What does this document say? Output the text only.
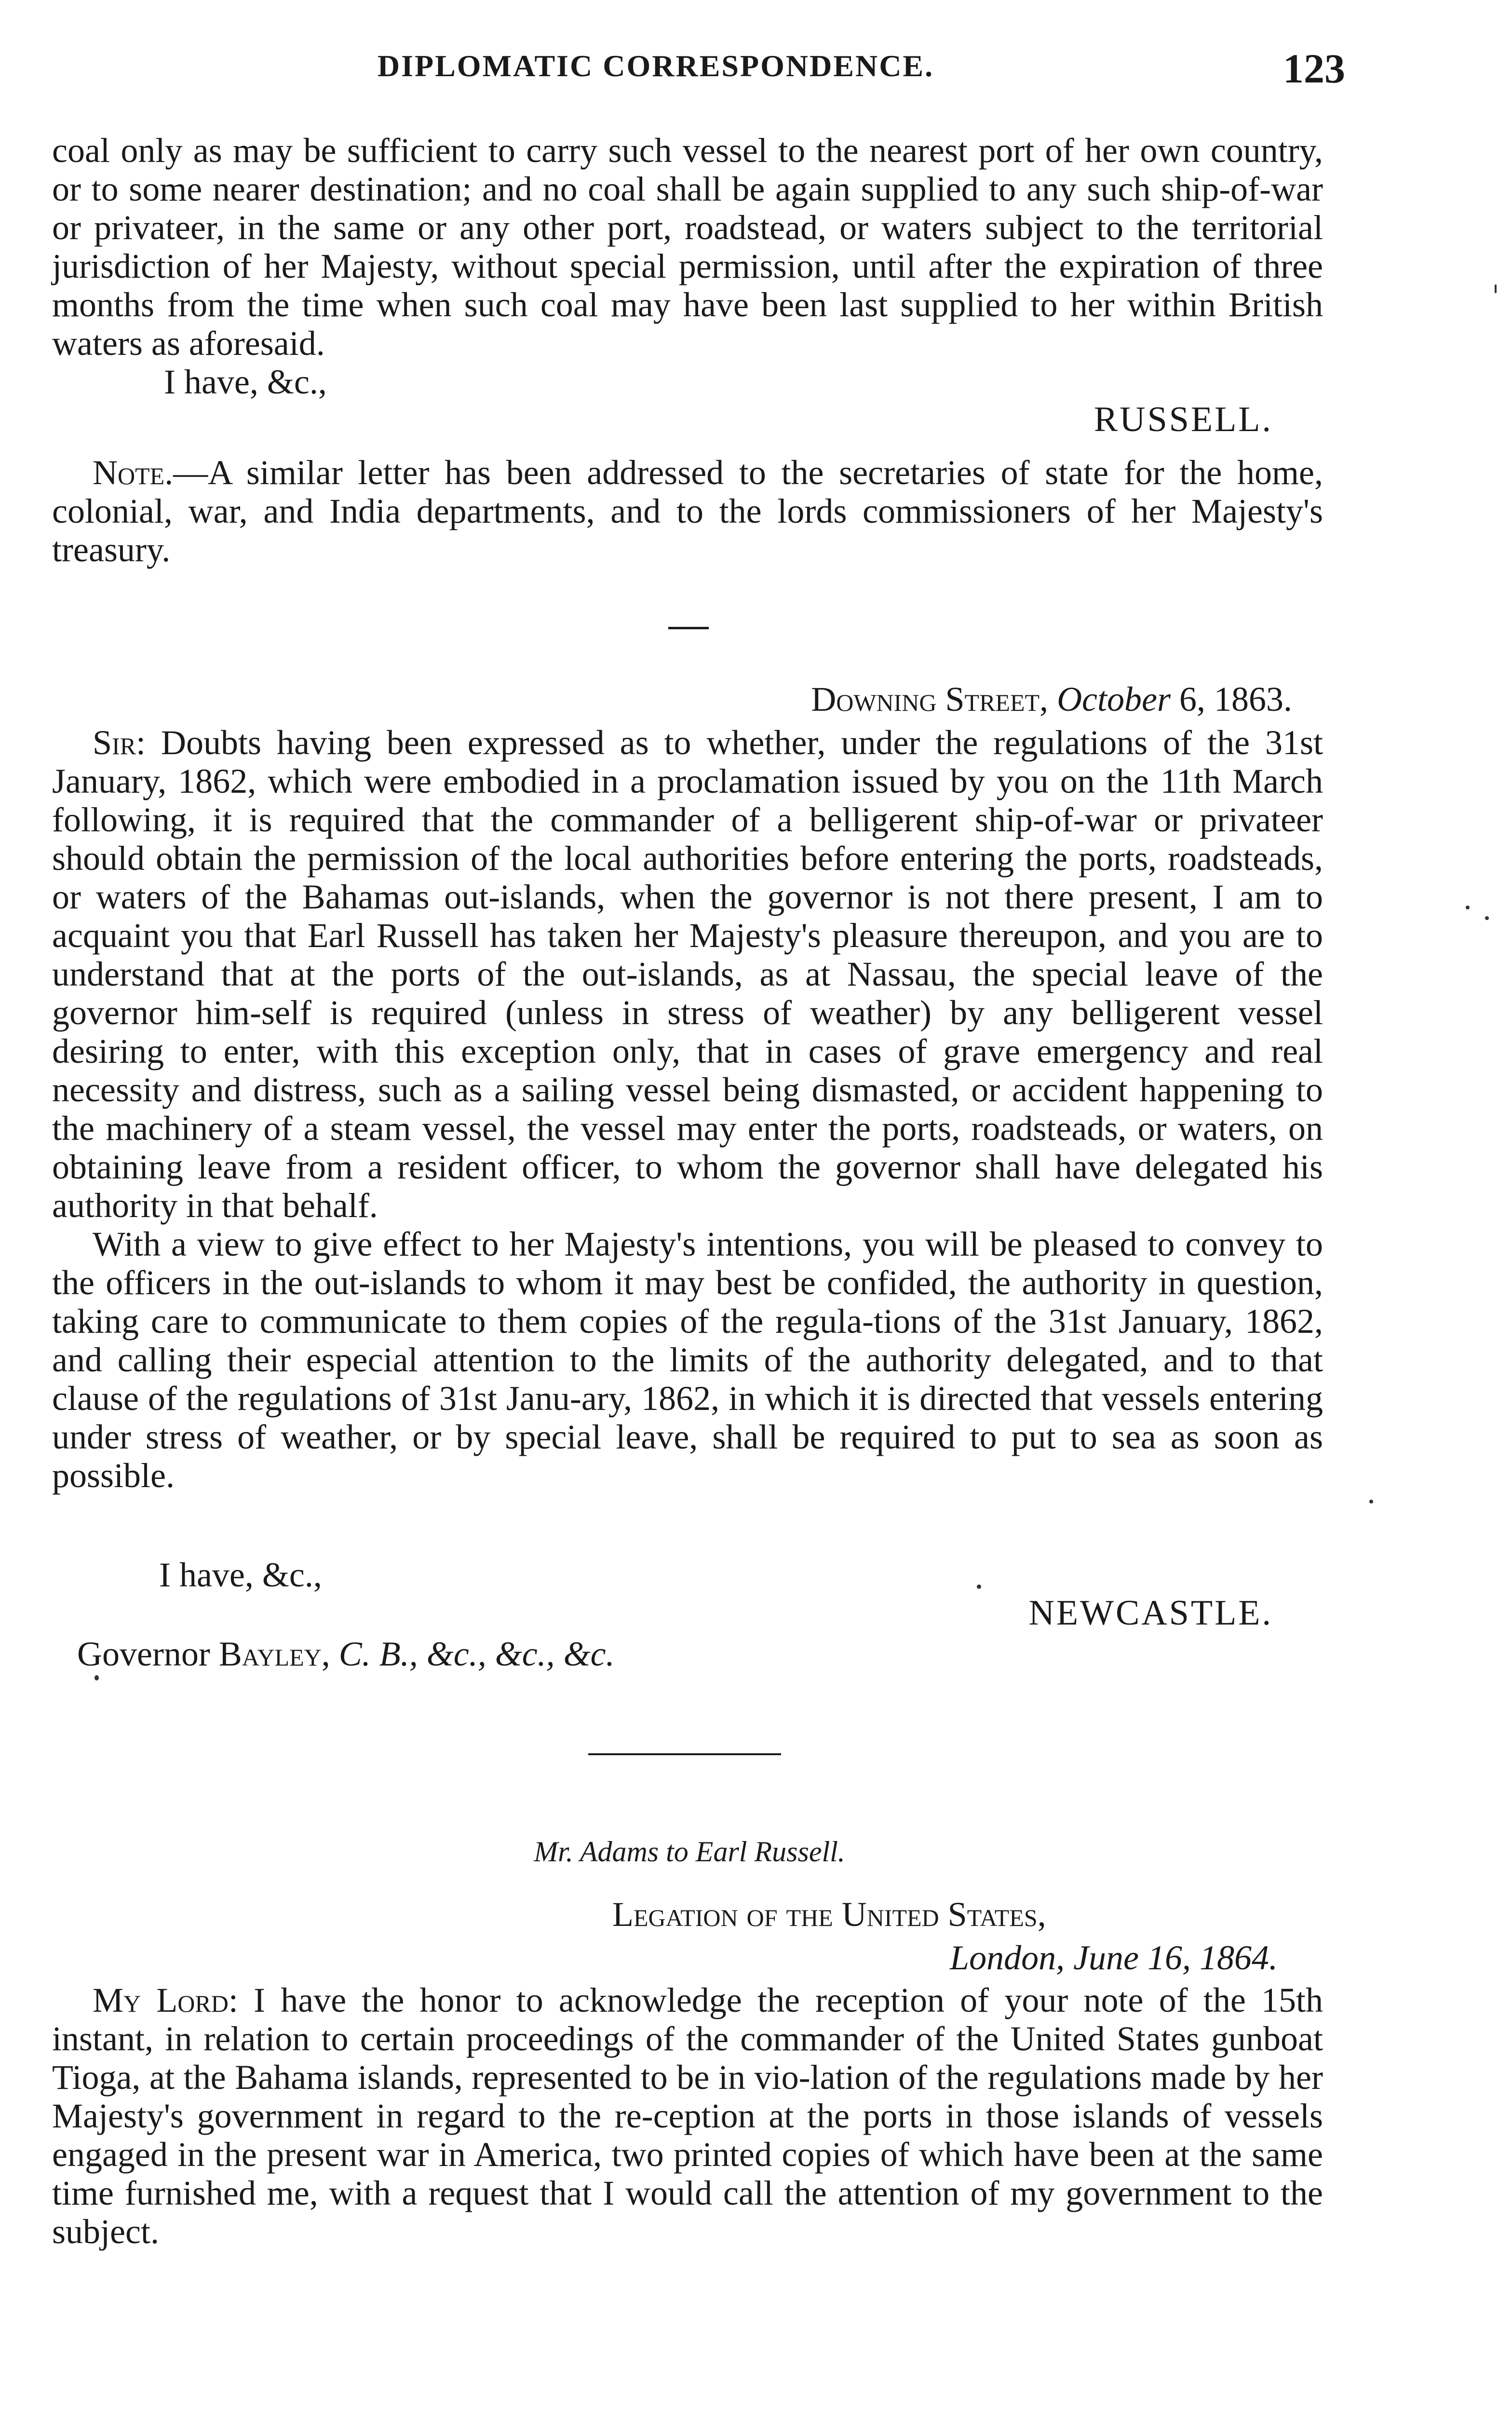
DIPLOMATIC CORRESPONDENCE.	123

coal only as may be sufficient to carry such vessel to the nearest port of her own country, or to some nearer destination; and no coal shall be again supplied to any such ship-of-war or privateer, in the same or any other port, roadstead, or waters subject to the territorial jurisdiction of her Majesty, without special permission, until after the expiration of three months from the time when such coal may have been last supplied to her within British waters as aforesaid.

I have, &c.,
RUSSELL.

Note.—A similar letter has been addressed to the secretaries of state for the home, colonial, war, and India departments, and to the lords commissioners of her Majesty's treasury.

Downing Street, October 6, 1863.

Sir: Doubts having been expressed as to whether, under the regulations of the 31st January, 1862, which were embodied in a proclamation issued by you on the 11th March following, it is required that the commander of a belligerent ship-of-war or privateer should obtain the permission of the local authorities before entering the ports, roadsteads, or waters of the Bahamas out-islands, when the governor is not there present, I am to acquaint you that Earl Russell has taken her Majesty's pleasure thereupon, and you are to understand that at the ports of the out-islands, as at Nassau, the special leave of the governor him-self is required (unless in stress of weather) by any belligerent vessel desiring to enter, with this exception only, that in cases of grave emergency and real necessity and distress, such as a sailing vessel being dismasted, or accident happening to the machinery of a steam vessel, the vessel may enter the ports, roadsteads, or waters, on obtaining leave from a resident officer, to whom the governor shall have delegated his authority in that behalf.

With a view to give effect to her Majesty's intentions, you will be pleased to convey to the officers in the out-islands to whom it may best be confided, the authority in question, taking care to communicate to them copies of the regula-tions of the 31st January, 1862, and calling their especial attention to the limits of the authority delegated, and to that clause of the regulations of 31st Janu-ary, 1862, in which it is directed that vessels entering under stress of weather, or by special leave, shall be required to put to sea as soon as possible.

I have, &c.,
NEWCASTLE.
Governor Bayley, C. B., &c., &c., &c.
Mr. Adams to Earl Russell.
Legation of the United States,
London, June 16, 1864.

My Lord: I have the honor to acknowledge the reception of your note of the 15th instant, in relation to certain proceedings of the commander of the United States gunboat Tioga, at the Bahama islands, represented to be in vio-lation of the regulations made by her Majesty's government in regard to the re-ception at the ports in those islands of vessels engaged in the present war in America, two printed copies of which have been at the same time furnished me, with a request that I would call the attention of my government to the subject.
